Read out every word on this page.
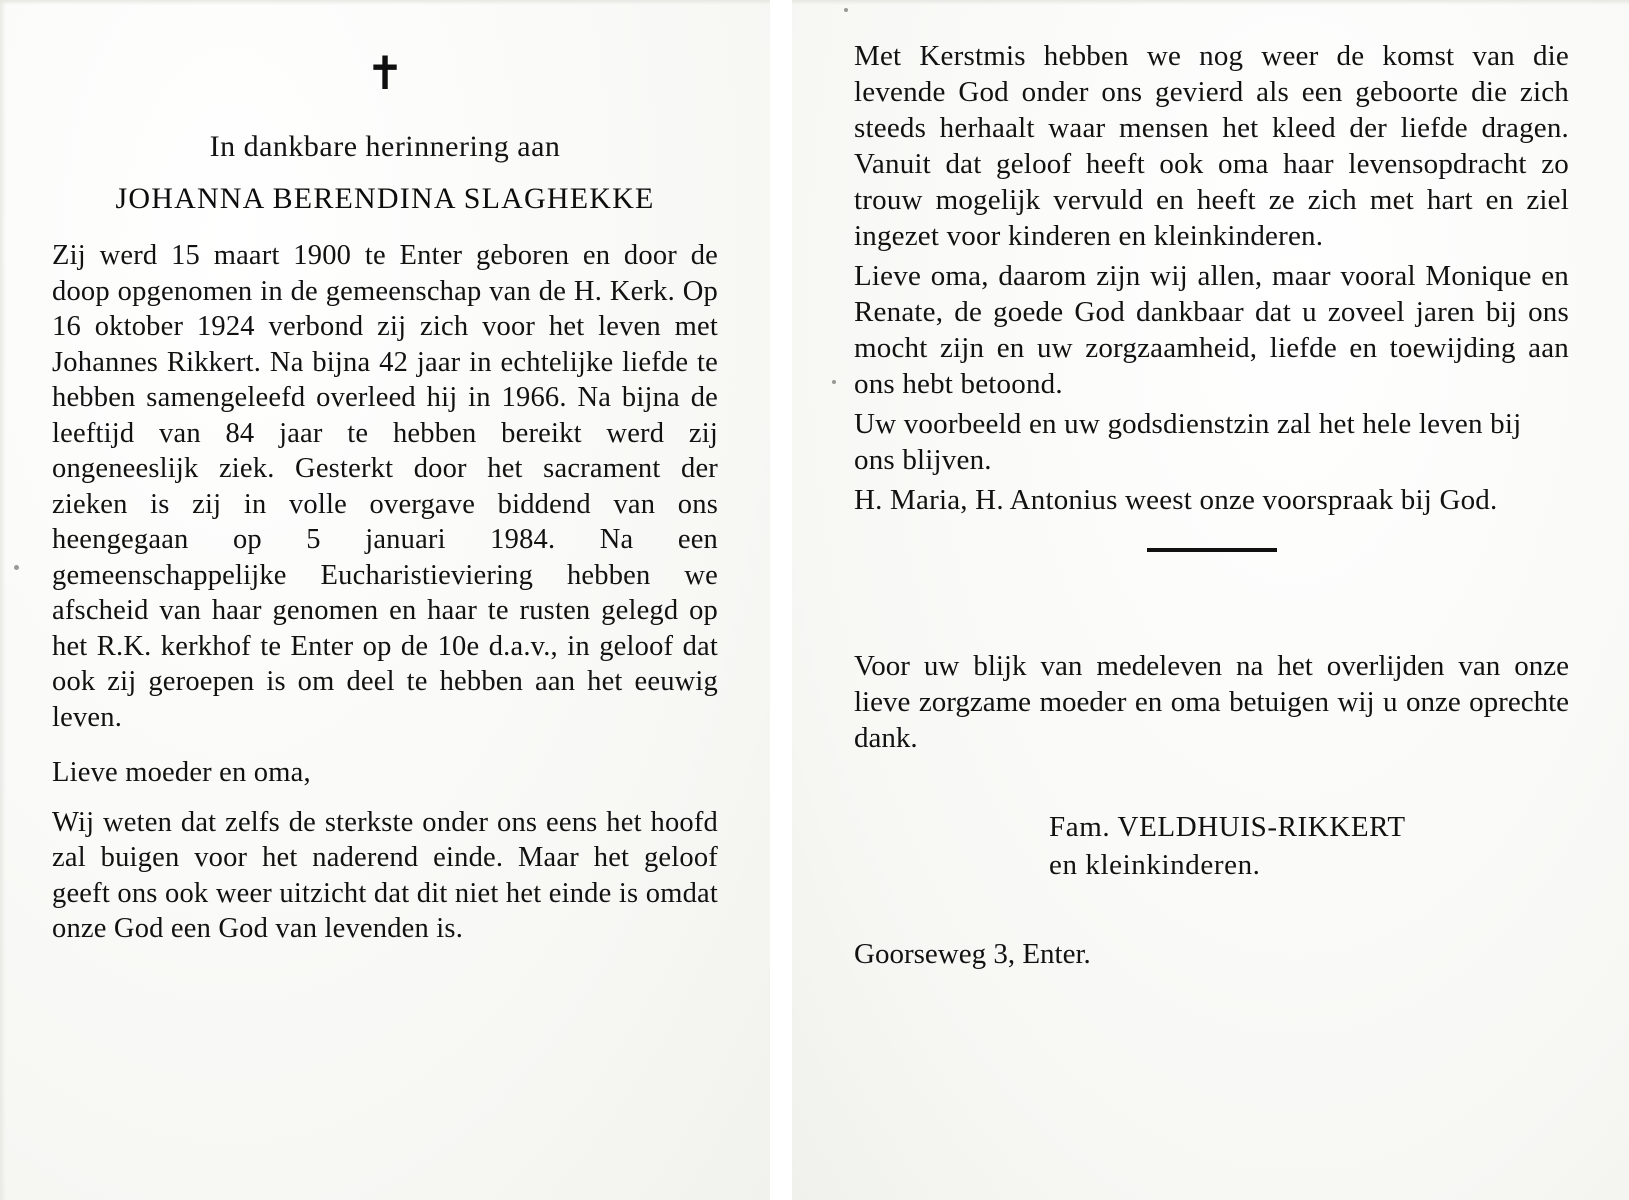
✝
In dankbare herinnering aan
JOHANNA BERENDINA SLAGHEKKE

Zij werd 15 maart 1900 te Enter geboren en door de doop opgenomen in de gemeenschap van de H. Kerk. Op 16 oktober 1924 verbond zij zich voor het leven met Johannes Rikkert. Na bijna 42 jaar in echtelijke liefde te hebben samengeleefd overleed hij in 1966. Na bijna de leeftijd van 84 jaar te hebben bereikt werd zij ongeneeslijk ziek. Gesterkt door het sacrament der zieken is zij in volle overgave biddend van ons heengegaan op 5 januari 1984. Na een gemeenschappelijke Eucharistieviering hebben we afscheid van haar genomen en haar te rusten gelegd op het R.K. kerkhof te Enter op de 10e d.a.v., in geloof dat ook zij geroepen is om deel te hebben aan het eeuwig leven.

Lieve moeder en oma,

Wij weten dat zelfs de sterkste onder ons eens het hoofd zal buigen voor het naderend einde. Maar het geloof geeft ons ook weer uitzicht dat dit niet het einde is omdat onze God een God van levenden is.

Met Kerstmis hebben we nog weer de komst van die levende God onder ons gevierd als een geboorte die zich steeds herhaalt waar mensen het kleed der liefde dragen. Vanuit dat geloof heeft ook oma haar levensopdracht zo trouw mogelijk vervuld en heeft ze zich met hart en ziel ingezet voor kinderen en kleinkinderen.

Lieve oma, daarom zijn wij allen, maar vooral Monique en Renate, de goede God dankbaar dat u zoveel jaren bij ons mocht zijn en uw zorgzaamheid, liefde en toewijding aan ons hebt betoond.

Uw voorbeeld en uw godsdienstzin zal het hele leven bij ons blijven.

H. Maria, H. Antonius weest onze voorspraak bij God.

Voor uw blijk van medeleven na het overlijden van onze lieve zorgzame moeder en oma betuigen wij u onze oprechte dank.

Fam. VELDHUIS-RIKKERT
en kleinkinderen.
Goorseweg 3, Enter.
